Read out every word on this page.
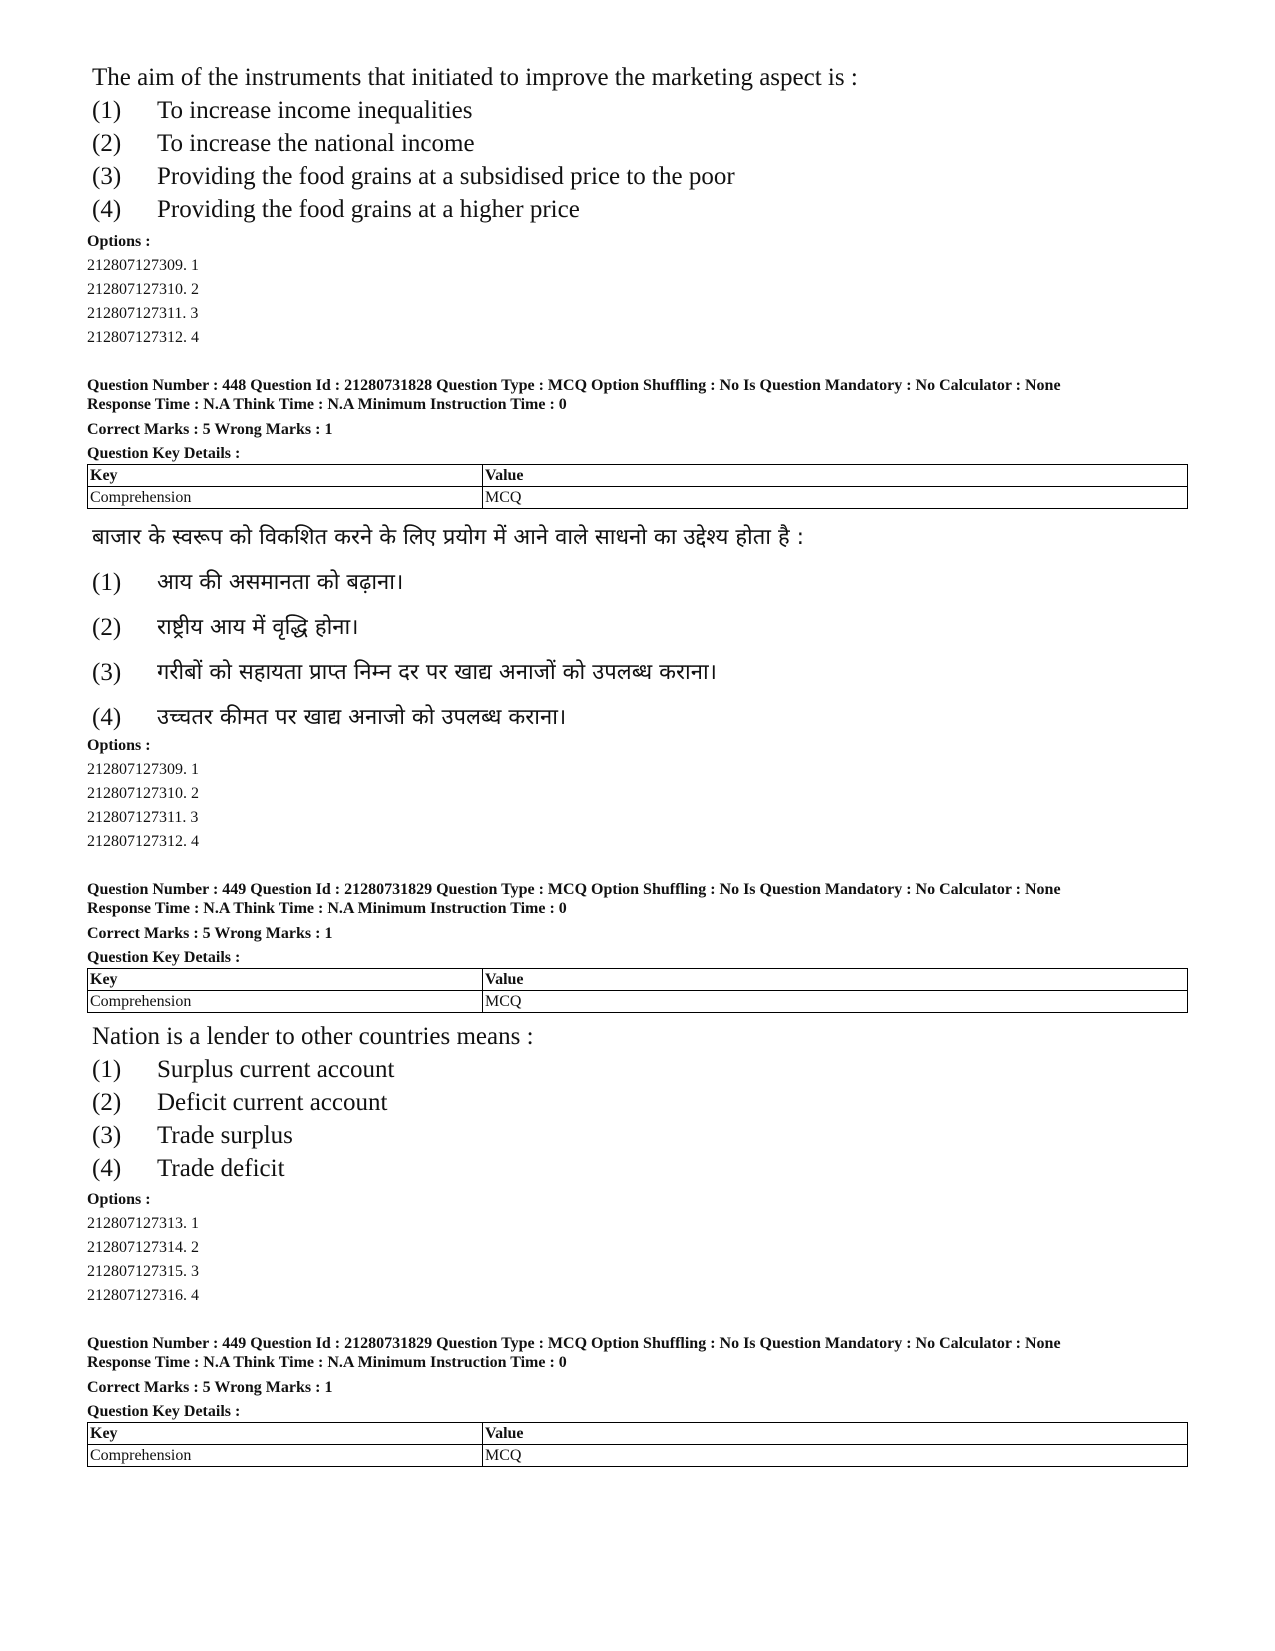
The aim of the instruments that initiated to improve the marketing aspect is :

(1)	To increase income inequalities
(2)	To increase the national income
(3)	Providing the food grains at a subsidised price to the poor
(4)	Providing the food grains at a higher price
Options :
212807127309. 1
212807127310. 2
212807127311. 3
212807127312. 4
Question Number : 448 Question Id : 21280731828 Question Type : MCQ Option Shuffling : No Is Question Mandatory : No Calculator : None
Response Time : N.A Think Time : N.A Minimum Instruction Time : 0
Correct Marks : 5 Wrong Marks : 1
Question Key Details :
Key	Value
Comprehension	MCQ

बाजार के स्वरूप को विकशित करने के लिए प्रयोग में आने वाले साधनो का उद्देश्य होता है :

(1)	आय की असमानता को बढ़ाना।
(2)	राष्ट्रीय आय में वृद्धि होना।
(3)	गरीबों को सहायता प्राप्त निम्न दर पर खाद्य अनाजों को उपलब्ध कराना।
(4)	उच्चतर कीमत पर खाद्य अनाजो को उपलब्ध कराना।
Options :
212807127309. 1
212807127310. 2
212807127311. 3
212807127312. 4
Question Number : 449 Question Id : 21280731829 Question Type : MCQ Option Shuffling : No Is Question Mandatory : No Calculator : None
Response Time : N.A Think Time : N.A Minimum Instruction Time : 0
Correct Marks : 5 Wrong Marks : 1
Question Key Details :
Key	Value
Comprehension	MCQ

Nation is a lender to other countries means :

(1)	Surplus current account
(2)	Deficit current account
(3)	Trade surplus
(4)	Trade deficit
Options :
212807127313. 1
212807127314. 2
212807127315. 3
212807127316. 4
Question Number : 449 Question Id : 21280731829 Question Type : MCQ Option Shuffling : No Is Question Mandatory : No Calculator : None
Response Time : N.A Think Time : N.A Minimum Instruction Time : 0
Correct Marks : 5 Wrong Marks : 1
Question Key Details :
Key	Value
Comprehension	MCQ
